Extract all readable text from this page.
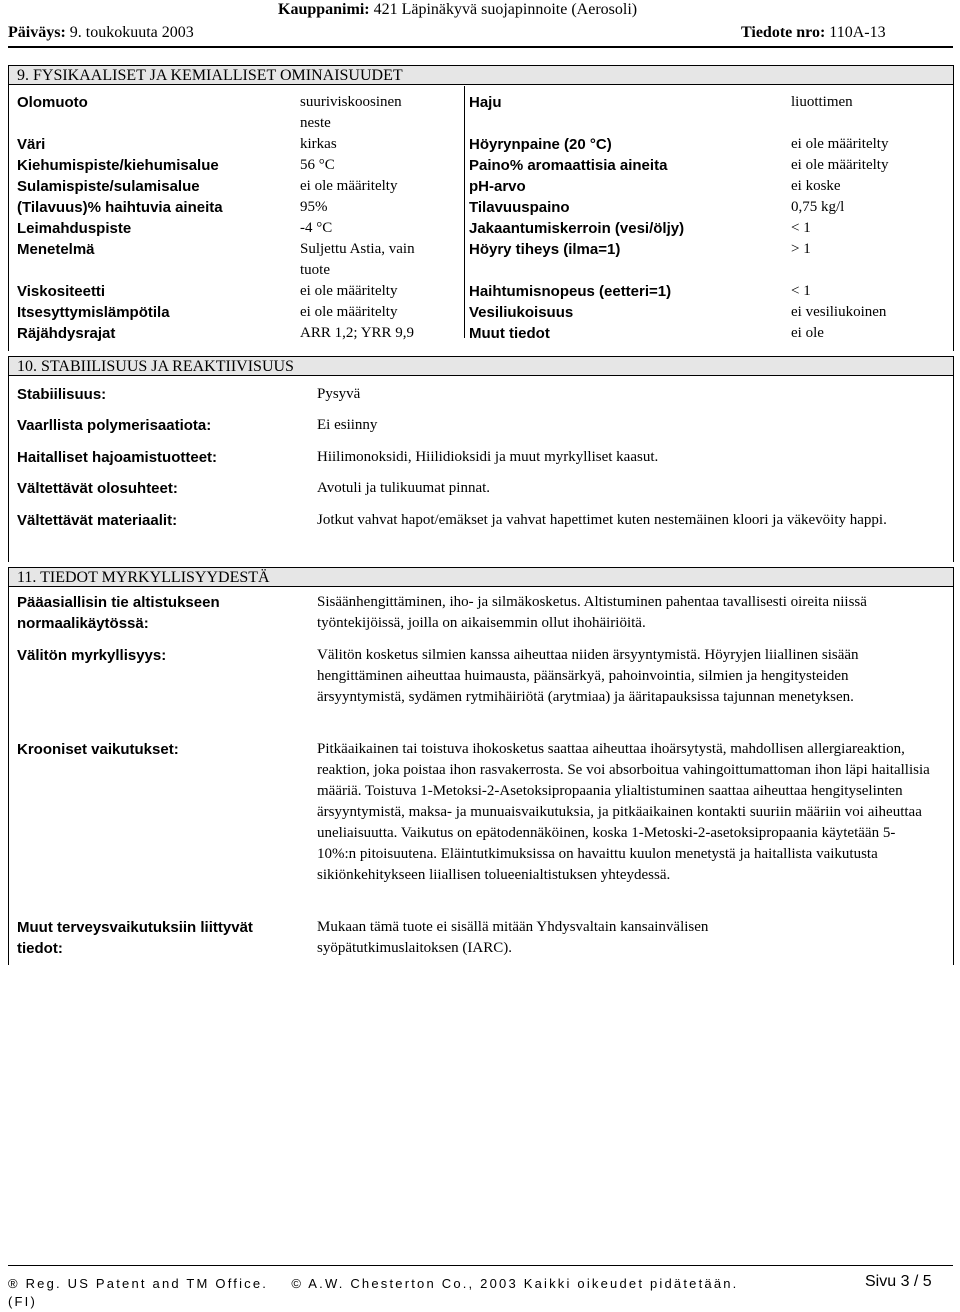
Kauppanimi: 421 Läpinäkyvä suojapinnoite (Aerosoli)
Päiväys: 9. toukokuuta 2003	Tiedote nro: 110A-13
9. FYSIKAALISET JA KEMIALLISET OMINAISUUDET
Olomuoto	suuriviskoosinen
neste
Väri	kirkas
Kiehumispiste/kiehumisalue	56 °C
Sulamispiste/sulamisalue	ei ole määritelty
(Tilavuus)% haihtuvia aineita	95%
Leimahduspiste	-4 °C
Menetelmä	Suljettu Astia, vain
tuote
Viskositeetti	ei ole määritelty
Itsesyttymislämpötila	ei ole määritelty
Räjähdysrajat	ARR 1,2; YRR 9,9
Haju	liuottimen
Höyrynpaine (20 °C)	ei ole määritelty
Paino% aromaattisia aineita	ei ole määritelty
pH-arvo	ei koske
Tilavuuspaino	0,75 kg/l
Jakaantumiskerroin (vesi/öljy)	< 1
Höyry tiheys (ilma=1)	> 1
Haihtumisnopeus (eetteri=1)	< 1
Vesiliukoisuus	ei vesiliukoinen
Muut tiedot	ei ole
10. STABIILISUUS JA REAKTIIVISUUS
Stabiilisuus:	Pysyvä
Vaarllista polymerisaatiota:	Ei esiinny
Haitalliset hajoamistuotteet:	Hiilimonoksidi, Hiilidioksidi ja muut myrkylliset kaasut.
Vältettävät olosuhteet:	Avotuli ja tulikuumat pinnat.
Vältettävät materiaalit:	Jotkut vahvat hapot/emäkset ja vahvat hapettimet kuten nestemäinen kloori ja väkevöity happi.
11. TIEDOT MYRKYLLISYYDESTÄ
Pääasiallisin tie altistukseen normaalikäytössä:
Sisäänhengittäminen, iho- ja silmäkosketus. Altistuminen pahentaa tavallisesti oireita niissä työntekijöissä, joilla on aikaisemmin ollut ihohäiriöitä.
Välitön myrkyllisyys:	Välitön kosketus silmien kanssa aiheuttaa niiden ärsyyntymistä. Höyryjen liiallinen sisään hengittäminen aiheuttaa huimausta, päänsärkyä, pahoinvointia, silmien ja hengitysteiden ärsyyntymistä, sydämen rytmihäiriötä (arytmiaa) ja ääritapauksissa tajunnan menetyksen.
Krooniset vaikutukset:	Pitkäaikainen tai toistuva ihokosketus saattaa aiheuttaa ihoärsytystä, mahdollisen allergiareaktion, reaktion, joka poistaa ihon rasvakerrosta. Se voi absorboitua vahingoittumattoman ihon läpi haitallisia määriä. Toistuva 1-Metoksi-2-Asetoksipropaania ylialtistuminen saattaa aiheuttaa hengityselinten ärsyyntymistä, maksa- ja munuaisvaikutuksia, ja pitkäaikainen kontakti suuriin määriin voi aiheuttaa uneliaisuutta. Vaikutus on epätodennäköinen, koska 1-Metoski-2-asetoksipropaania käytetään 5-10%:n pitoisuutena. Eläintutkimuksissa on havaittu kuulon menetystä ja haitallista vaikutusta sikiönkehitykseen liiallisen tolueenialtistuksen yhteydessä.
Muut terveysvaikutuksiin liittyvät tiedot:
Mukaan tämä tuote ei sisällä mitään Yhdysvaltain kansainvälisen syöpätutkimuslaitoksen (IARC).
® Reg. US Patent and TM Office. © A.W. Chesterton Co., 2003 Kaikki oikeudet pidätetään.
(FI)
Sivu 3 / 5
